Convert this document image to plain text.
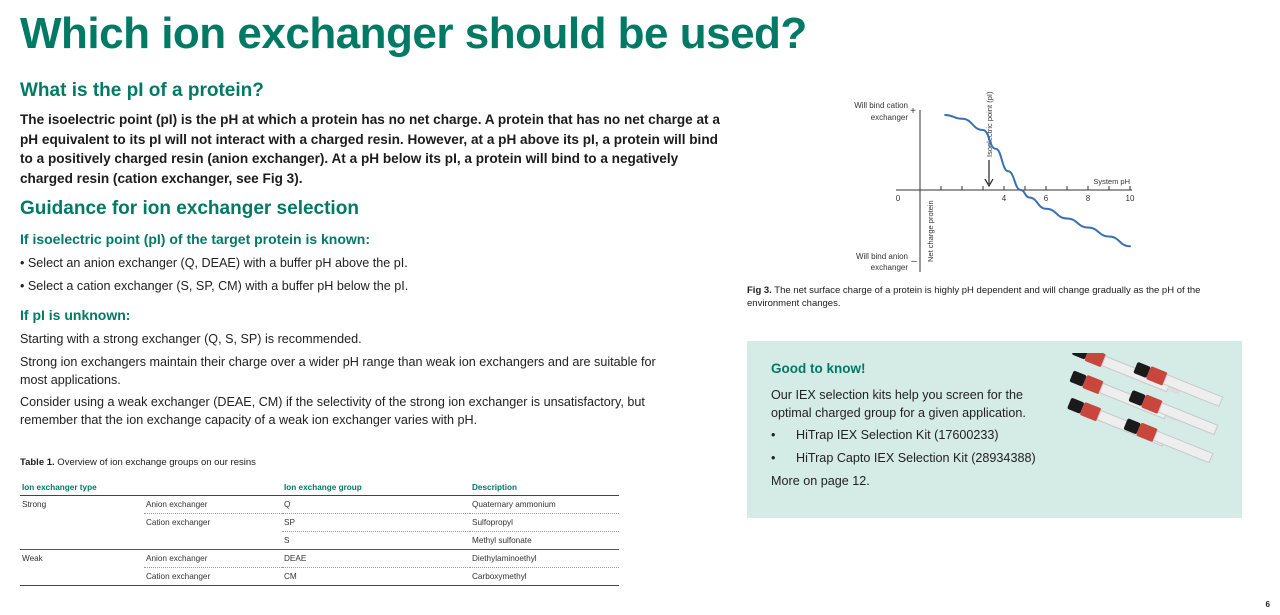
Which ion exchanger should be used?
What is the pI of a protein?

The isoelectric point (pI) is the pH at which a protein has no net charge. A protein that has no net charge at a pH equivalent to its pI will not interact with a charged resin. However, at a pH above its pI, a protein will bind to a positively charged resin (anion exchanger). At a pH below its pI, a protein will bind to a negatively charged resin (cation exchanger, see Fig 3).

Guidance for ion exchanger selection
If isoelectric point (pI) of the target protein is known:

• Select an anion exchanger (Q, DEAE) with a buffer pH above the pI.

• Select a cation exchanger (S, SP, CM) with a buffer pH below the pI.

If pI is unknown:

Starting with a strong exchanger (Q, S, SP) is recommended.

Strong ion exchangers maintain their charge over a wider pH range than weak ion exchangers and are suitable for most applications.

Consider using a weak exchanger (DEAE, CM) if the selectivity of the strong ion exchanger is unsatisfactory, but remember that the ion exchange capacity of a weak ion exchanger varies with pH.

Table 1. Overview of ion exchange groups on our resins
Ion exchanger type		Ion exchange group	Description
Strong	Anion exchanger	Q	Quaternary ammonium
	Cation exchanger	SP	Sulfopropyl
		S	Methyl sulfonate
Weak	Anion exchanger	DEAE	Diethylaminoethyl
	Cation exchanger	CM	Carboxymethyl
Will bind cation
exchanger
+
Will bind anion
exchanger
– Net charge protein
System pH
Isoelectric point (pI)
0	4	6	8	10
Fig 3. The net surface charge of a protein is highly pH dependent and will change gradually as the pH of the environment changes.
Good to know!

Our IEX selection kits help you screen for the optimal charged group for a given application.

• HiTrap IEX Selection Kit (17600233)

• HiTrap Capto IEX Selection Kit (28934388)

More on page 12.

6
